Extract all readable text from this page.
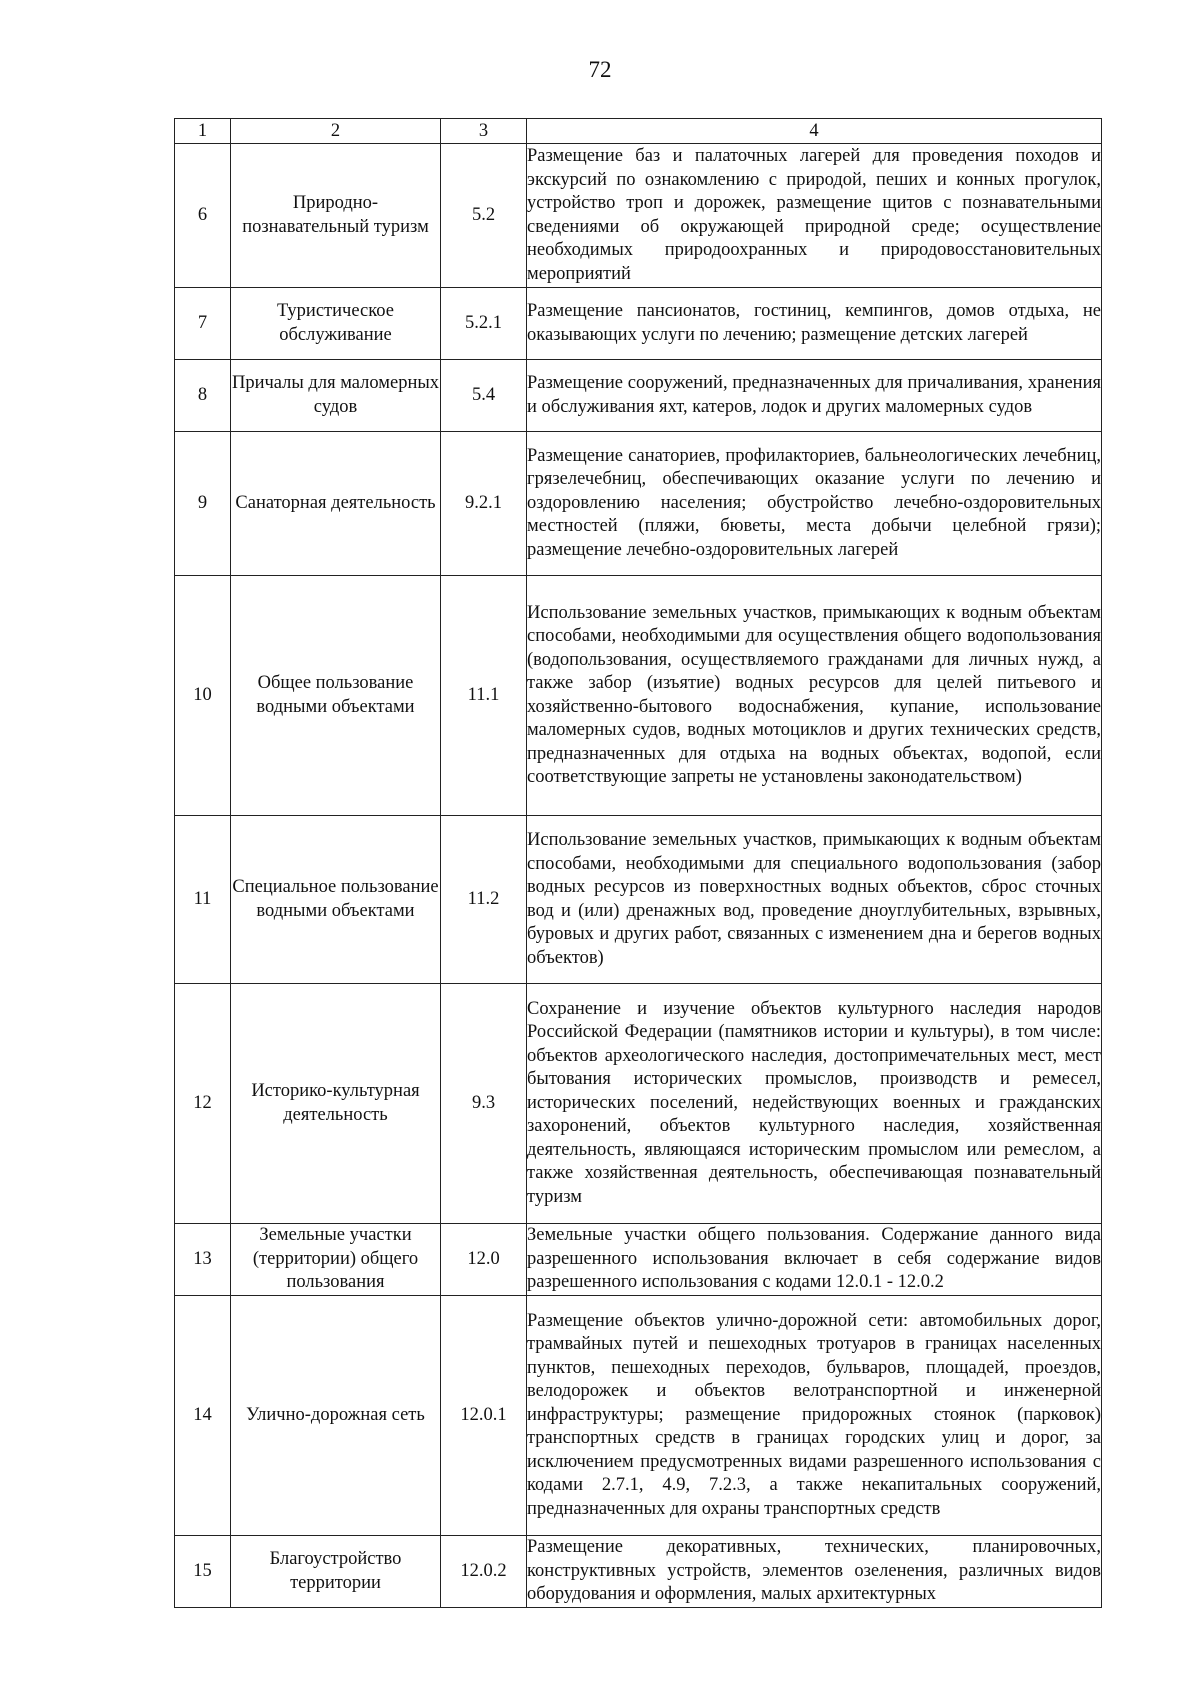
72
1	2	3	4
6	Природно-познавательный туризм	5.2	Размещение баз и палаточных лагерей для проведения походов и экскурсий по ознакомлению с природой, пеших и конных прогулок, устройство троп и дорожек, размещение щитов с познавательными сведениями об окружающей природной среде; осуществление необходимых природоохранных и природовосстановительных мероприятий
7	Туристическое обслуживание	5.2.1	Размещение пансионатов, гостиниц, кемпингов, домов отдыха, не оказывающих услуги по лечению; размещение детских лагерей
8	Причалы для маломерных судов	5.4	Размещение сооружений, предназначенных для причаливания, хранения и обслуживания яхт, катеров, лодок и других маломерных судов
9	Санаторная деятельность	9.2.1	Размещение санаториев, профилакториев, бальнеологических лечебниц, грязелечебниц, обеспечивающих оказание услуги по лечению и оздоровлению населения; обустройство лечебно-оздоровительных местностей (пляжи, бюветы, места добычи целебной грязи); размещение лечебно-оздоровительных лагерей
10	Общее пользование водными объектами	11.1	Использование земельных участков, примыкающих к водным объектам способами, необходимыми для осуществления общего водопользования (водопользования, осуществляемого гражданами для личных нужд, а также забор (изъятие) водных ресурсов для целей питьевого и хозяйственно-бытового водоснабжения, купание, использование маломерных судов, водных мотоциклов и других технических средств, предназначенных для отдыха на водных объектах, водопой, если соответствующие запреты не установлены законодательством)
11	Специальное пользование водными объектами	11.2	Использование земельных участков, примыкающих к водным объектам способами, необходимыми для специального водопользования (забор водных ресурсов из поверхностных водных объектов, сброс сточных вод и (или) дренажных вод, проведение дноуглубительных, взрывных, буровых и других работ, связанных с изменением дна и берегов водных объектов)
12	Историко-культурная деятельность	9.3	Сохранение и изучение объектов культурного наследия народов Российской Федерации (памятников истории и культуры), в том числе: объектов археологического наследия, достопримечательных мест, мест бытования исторических промыслов, производств и ремесел, исторических поселений, недействующих военных и гражданских захоронений, объектов культурного наследия, хозяйственная деятельность, являющаяся историческим промыслом или ремеслом, а также хозяйственная деятельность, обеспечивающая познавательный туризм
13	Земельные участки (территории) общего пользования	12.0	Земельные участки общего пользования. Содержание данного вида разрешенного использования включает в себя содержание видов разрешенного использования с кодами 12.0.1 - 12.0.2
14	Улично-дорожная сеть	12.0.1	Размещение объектов улично-дорожной сети: автомобильных дорог, трамвайных путей и пешеходных тротуаров в границах населенных пунктов, пешеходных переходов, бульваров, площадей, проездов, велодорожек и объектов велотранспортной и инженерной инфраструктуры; размещение придорожных стоянок (парковок) транспортных средств в границах городских улиц и дорог, за исключением предусмотренных видами разрешенного использования с кодами 2.7.1, 4.9, 7.2.3, а также некапитальных сооружений, предназначенных для охраны транспортных средств
15	Благоустройство территории	12.0.2	Размещение декоративных, технических, планировочных, конструктивных устройств, элементов озеленения, различных видов оборудования и оформления, малых архитектурных
